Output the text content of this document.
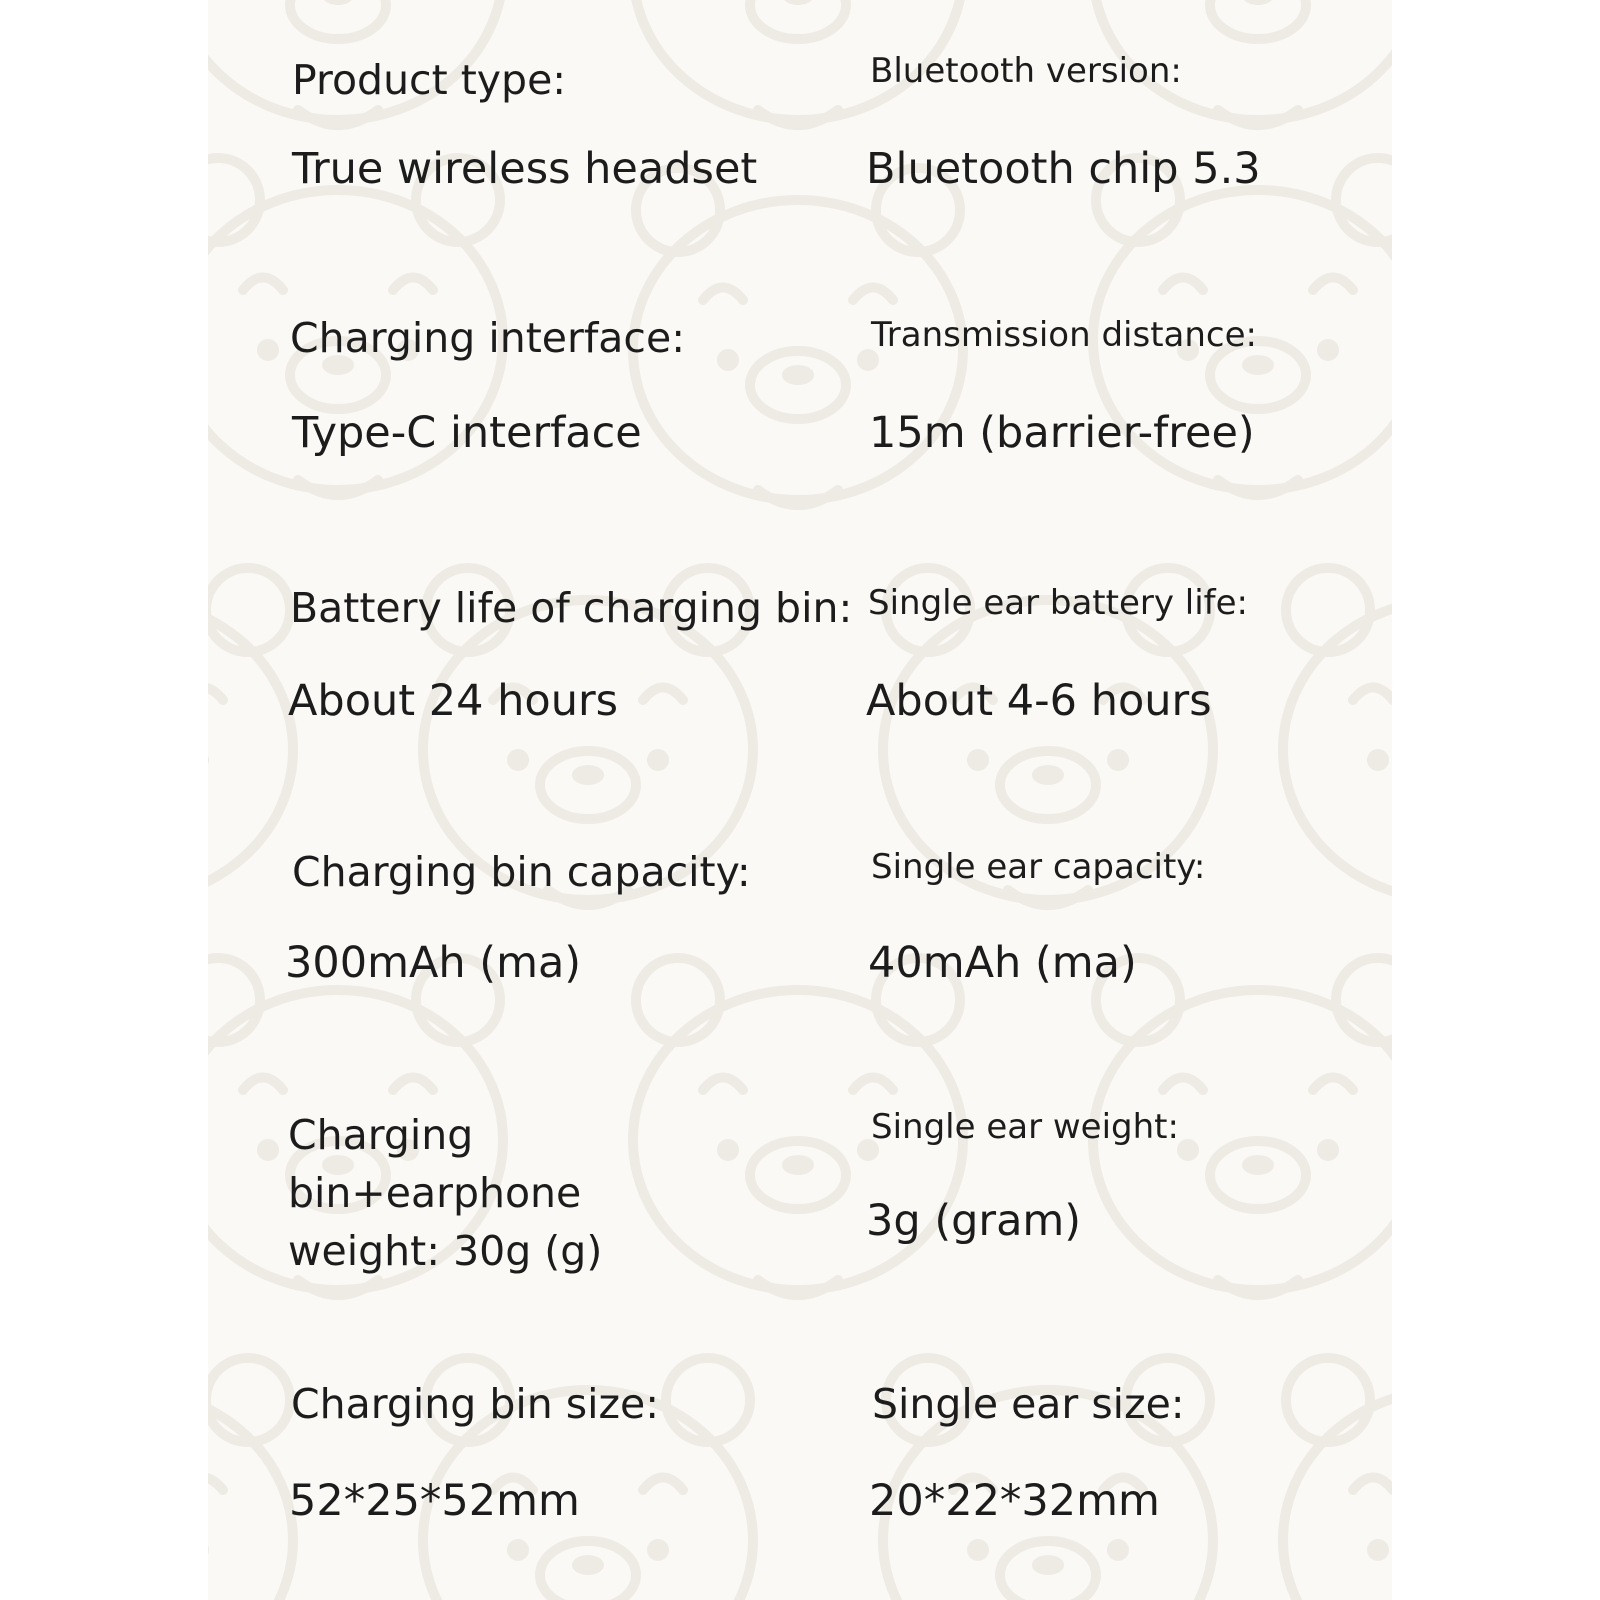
Product type:
True wireless headset
Charging interface:
Type-C interface
Battery life of charging bin:
About 24 hours
Charging bin capacity:
300mAh (ma)
Charging bin+earphone weight: 30g (g)
Charging bin size:
52*25*52mm
Bluetooth version:
Bluetooth chip 5.3
Transmission distance:
15m (barrier-free)
Single ear battery life:
About 4-6 hours
Single ear capacity:
40mAh (ma)
Single ear weight:
3g (gram)
Single ear size:
20*22*32mm
